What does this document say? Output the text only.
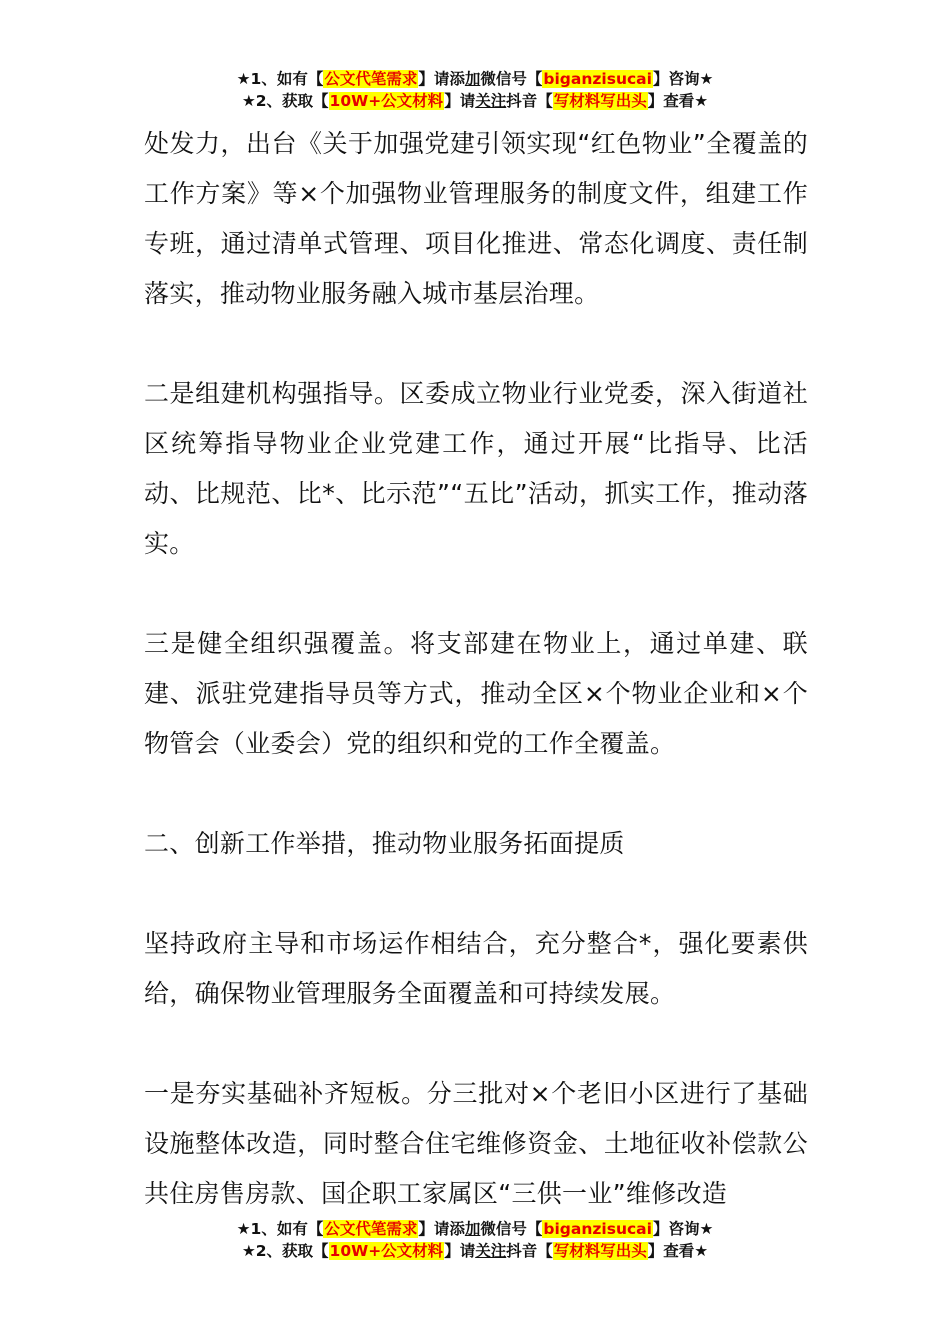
★1、如有【公文代笔需求】请添加微信号【biganzisucai】咨询★
★2、获取【10W+公文材料】请关注抖音【写材料写出头】查看★

处发力，出台《关于加强党建引领实现“红色物业”全覆盖的工作方案》等×个加强物业管理服务的制度文件，组建工作专班，通过清单式管理、项目化推进、常态化调度、责任制落实，推动物业服务融入城市基层治理。

二是组建机构强指导。区委成立物业行业党委，深入街道社区统筹指导物业企业党建工作，通过开展“比指导、比活动、比规范、比*、比示范”“五比”活动，抓实工作，推动落实。

三是健全组织强覆盖。将支部建在物业上，通过单建、联建、派驻党建指导员等方式，推动全区×个物业企业和×个物管会（业委会）党的组织和党的工作全覆盖。

二、创新工作举措，推动物业服务拓面提质

坚持政府主导和市场运作相结合，充分整合*，强化要素供给，确保物业管理服务全面覆盖和可持续发展。

一是夯实基础补齐短板。分三批对×个老旧小区进行了基础设施整体改造，同时整合住宅维修资金、土地征收补偿款公共住房售房款、国企职工家属区“三供一业”维修改造

★1、如有【公文代笔需求】请添加微信号【biganzisucai】咨询★
★2、获取【10W+公文材料】请关注抖音【写材料写出头】查看★
